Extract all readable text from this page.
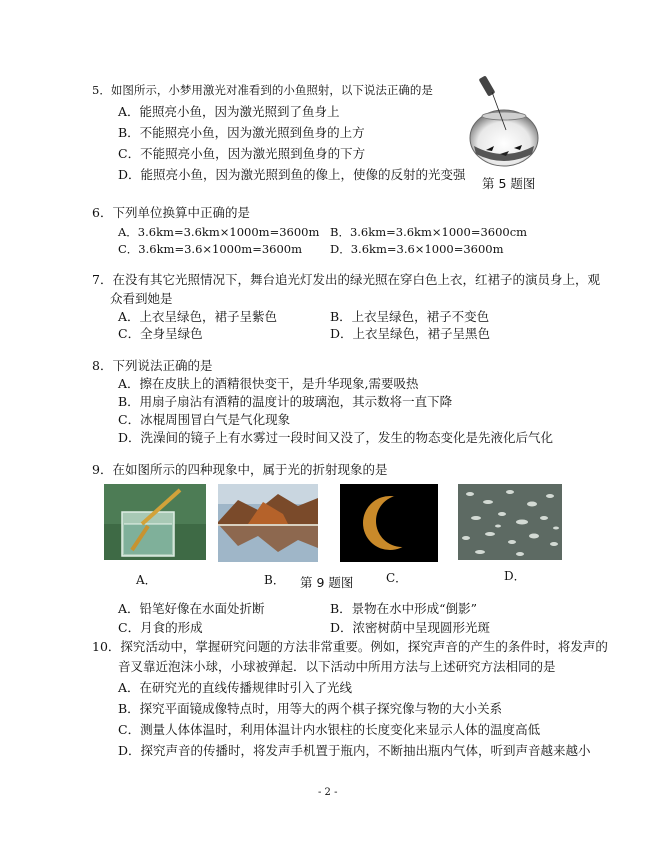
5．如图所示，小梦用激光对准看到的小鱼照射，以下说法正确的是
A．能照亮小鱼，因为激光照到了鱼身上
B．不能照亮小鱼，因为激光照到鱼身的上方
C．不能照亮小鱼，因为激光照到鱼身的下方
D．能照亮小鱼，因为激光照到鱼的像上，使像的反射的光变强
第 5 题图
6．下列单位换算中正确的是
A．3.6km=3.6km×1000m=3600m B．3.6km=3.6km×1000=3600cm
C．3.6km=3.6×1000m=3600m D．3.6km=3.6×1000=3600m
7．在没有其它光照情况下，舞台追光灯发出的绿光照在穿白色上衣，红裙子的演员身上，观
众看到她是
A．上衣呈绿色，裙子呈紫色	B．上衣呈绿色，裙子不变色
C．全身呈绿色	D．上衣呈绿色，裙子呈黑色
8．下列说法正确的是
A．擦在皮肤上的酒精很快变干，是升华现象,需要吸热
B．用扇子扇沾有酒精的温度计的玻璃泡，其示数将一直下降
C．冰棍周围冒白气是气化现象
D．洗澡间的镜子上有水雾过一段时间又没了，发生的物态变化是先液化后气化
9．在如图所示的四种现象中，属于光的折射现象的是
A．	B．	C．	D．
第 9 题图
A．铅笔好像在水面处折断	B．景物在水中形成“倒影”
C．月食的形成	D．浓密树荫中呈现圆形光斑
10．探究活动中，掌握研究问题的方法非常重要。例如，探究声音的产生的条件时，将发声的
音叉靠近泡沫小球，小球被弹起．以下活动中所用方法与上述研究方法相同的是
A．在研究光的直线传播规律时引入了光线
B．探究平面镜成像特点时，用等大的两个棋子探究像与物的大小关系
C．测量人体体温时，利用体温计内水银柱的长度变化来显示人体的温度高低
D．探究声音的传播时，将发声手机置于瓶内，不断抽出瓶内气体，听到声音越来越小
- 2 -
